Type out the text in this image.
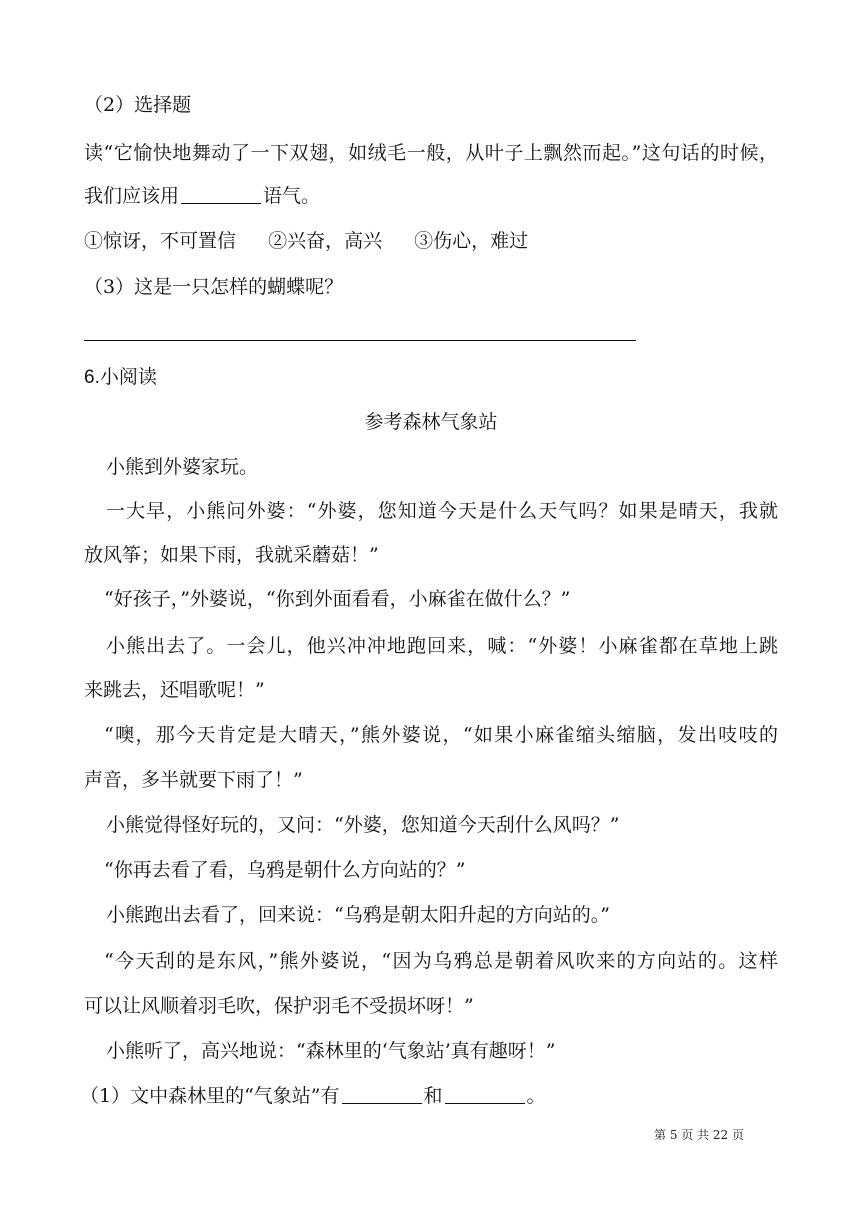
（2）选择题
读“它愉快地舞动了一下双翅，如绒毛一般，从叶子上飘然而起。”这句话的时候，
我们应该用	语气。
①惊讶，不可置信 ②兴奋，高兴 ③伤心，难过
（3）这是一只怎样的蝴蝶呢？
6.小阅读
参考森林气象站
小熊到外婆家玩。
一大早，小熊问外婆：“外婆，您知道今天是什么天气吗？如果是晴天，我就
放风筝；如果下雨，我就采蘑菇！”
“好孩子，”外婆说，“你到外面看看，小麻雀在做什么？”
小熊出去了。一会儿，他兴冲冲地跑回来，喊：“外婆！小麻雀都在草地上跳
来跳去，还唱歌呢！”
“噢，那今天肯定是大晴天，”熊外婆说，“如果小麻雀缩头缩脑，发出吱吱的
声音，多半就要下雨了！”
小熊觉得怪好玩的，又问：“外婆，您知道今天刮什么风吗？”
“你再去看了看，乌鸦是朝什么方向站的？”
小熊跑出去看了，回来说：“乌鸦是朝太阳升起的方向站的。”
“今天刮的是东风，”熊外婆说，“因为乌鸦总是朝着风吹来的方向站的。这样
可以让风顺着羽毛吹，保护羽毛不受损坏呀！”
小熊听了，高兴地说：“森林里的‘气象站’真有趣呀！”
（1）文中森林里的“气象站”有	和	。
第 5 页 共 22 页
